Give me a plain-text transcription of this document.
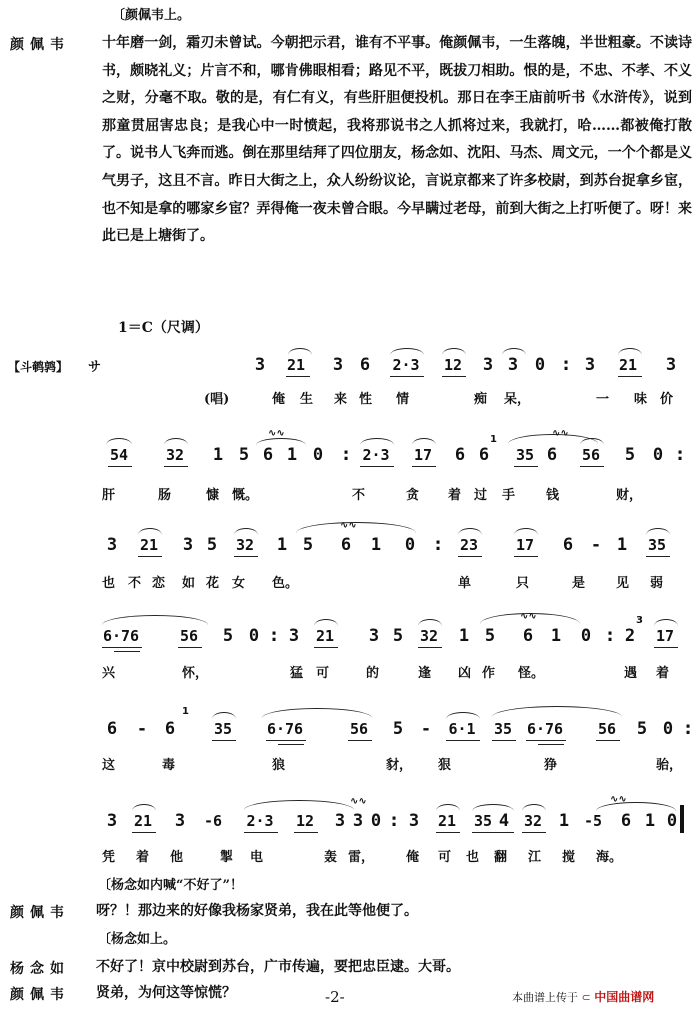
〔颜佩韦上。
颜佩韦	十年磨一剑，霜刃未曾试。今朝把示君，谁有不平事。俺颜佩韦，一生落魄，半世粗豪。不读诗书，颇晓礼义；片言不和，哪肯佛眼相看；路见不平，既拔刀相助。恨的是，不忠、不孝、不义之财，分毫不取。敬的是，有仁有义，有些肝胆便投机。那日在李王庙前听书《水浒传》，说到那童贯屈害忠良；是我心中一时愤起，我将那说书之人抓将过来，我就打，哈……都被俺打散了。说书人飞奔而逃。倒在那里结拜了四位朋友，杨念如、沈阳、马杰、周文元，一个个都是义气男子，这且不言。昨日大街之上，众人纷纷议论，言说京都来了许多校尉，到苏台捉拿乡宦，也不知是拿的哪家乡宦？弄得俺一夜未曾合眼。今早瞒过老母，前到大街之上打听便了。呀！来此已是上塘街了。
1＝C（尺调）
【斗鹌鹑】 サ
(唱)
3	21	3 6	2·3	12	3 3 0	: 3	21	3
俺 生 来 性 情	痴 呆，	一 味 价
54	32	1 5 6 1 0	: 2·3	17	6 6	35 6	56	5 0 :
∿∿	∿∿
1
肝	肠	慷 慨。	不	贪 着 过 手 钱	财，
3	21	3 5	32	1 5 6 1 0	:	23	17	6 - 1	35
∿∿
也 不 恋 如 花 女 色。	单	只	是 见 弱
6·76	56	5 0 : 3	21	3 5	32	1 5 6 1 0 : 2	17
∿∿	3
兴	怀，	猛 可	的	逢 凶 作 怪。	遇 着
6 - 6	35	6·76	56	5 -	6·1	35 6·76	56	5 0 :
1
这	毒	狼	豺， 狠	狰	骀，
3	21	3	-6	2·3	12	3 3 0 : 3	21	35 4 32 1 -5	6 1 0
∿∿	∿∿
凭 着 他	掣 电	轰 雷， 俺 可 也 翻 江 搅 海。
〔杨念如内喊“不好了”！
颜佩韦	呀？！那边来的好像我杨家贤弟，我在此等他便了。
〔杨念如上。
杨念如	不好了！京中校尉到苏台，广市传遍，要把忠臣逮。大哥。
颜佩韦	贤弟，为何这等惊慌？	-2-	本曲谱上传于 ⊂ 中国曲谱网
